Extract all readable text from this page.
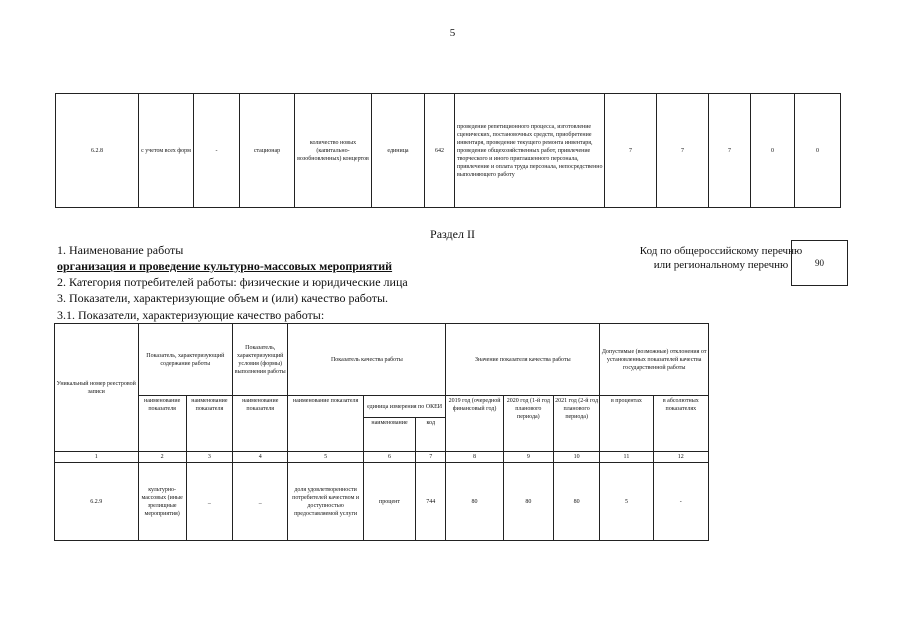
5
6.2.8	с учетом всех форм	-	стационар	количество новых (капитально-возобновленных) концертов	единица	642	проведение репетиционного процесса, изготовление сценических, постановочных средств, приобретение инвентаря, проведение текущего ремонта инвентаря, проведение общехозяйственных работ, привлечение творческого и иного приглашенного персонала, привлечение и оплата труда персонала, непосредственно выполняющего работу	7	7	7	0	0
Раздел II
1. Наименование работы
организация и проведение культурно-массовых мероприятий
2. Категория потребителей работы: физические и юридические лица
3. Показатели, характеризующие объем и (или) качество работы.
3.1. Показатели, характеризующие качество работы:
Код по общероссийскому перечню или региональному перечню	90
Уникальный номер реестровой записи	Показатель, характеризующий содержание работы		Показатель, характеризующий условия (формы) выполнения работы	Показатель качества работы			Значение показателя качества работы			Допустимые (возможные) отклонения от установленных показателей качества государственной работы	
	наименование показателя	наименование показателя	наименование показателя	наименование показателя	единица измерения по ОКЕИ		2019 год (очередной финансовый год)	2020 год (1-й год планового периода)	2021 год (2-й год планового периода)	в процентах	в абсолютных показателях
					наименование	код					
1	2	3	4	5	6	7	8	9	10	11	12
6.2.9	культурно-массовых (иные зрелищные мероприятия)	_	_	доля удовлетворенности потребителей качеством и доступностью предоставляемой услуги	процент	744	80	80	80	5	-
